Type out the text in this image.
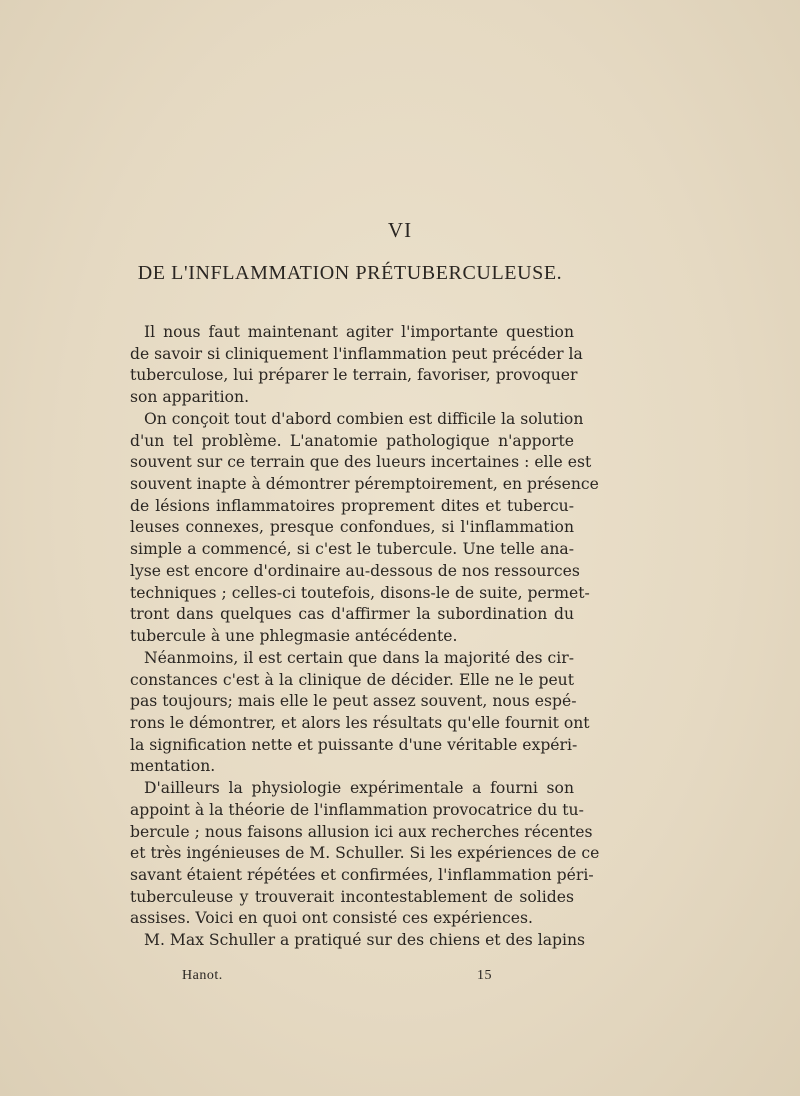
VI
DE L'INFLAMMATION PRÉTUBERCULEUSE.
Il nous faut maintenant agiter l'importante question
de savoir si cliniquement l'inflammation peut précéder la
tuberculose, lui préparer le terrain, favoriser, provoquer
son apparition.
On conçoit tout d'abord combien est difficile la solution
d'un tel problème. L'anatomie pathologique n'apporte
souvent sur ce terrain que des lueurs incertaines : elle est
souvent inapte à démontrer péremptoirement, en présence
de lésions inflammatoires proprement dites et tubercu-
leuses connexes, presque confondues, si l'inflammation
simple a commencé, si c'est le tubercule. Une telle ana-
lyse est encore d'ordinaire au-dessous de nos ressources
techniques ; celles-ci toutefois, disons-le de suite, permet-
tront dans quelques cas d'affirmer la subordination du
tubercule à une phlegmasie antécédente.
Néanmoins, il est certain que dans la majorité des cir-
constances c'est à la clinique de décider. Elle ne le peut
pas toujours; mais elle le peut assez souvent, nous espé-
rons le démontrer, et alors les résultats qu'elle fournit ont
la signification nette et puissante d'une véritable expéri-
mentation.
D'ailleurs la physiologie expérimentale a fourni son
appoint à la théorie de l'inflammation provocatrice du tu-
bercule ; nous faisons allusion ici aux recherches récentes
et très ingénieuses de M. Schuller. Si les expériences de ce
savant étaient répétées et confirmées, l'inflammation péri-
tuberculeuse y trouverait incontestablement de solides
assises. Voici en quoi ont consisté ces expériences.
M. Max Schuller a pratiqué sur des chiens et des lapins
Hanot.	15
